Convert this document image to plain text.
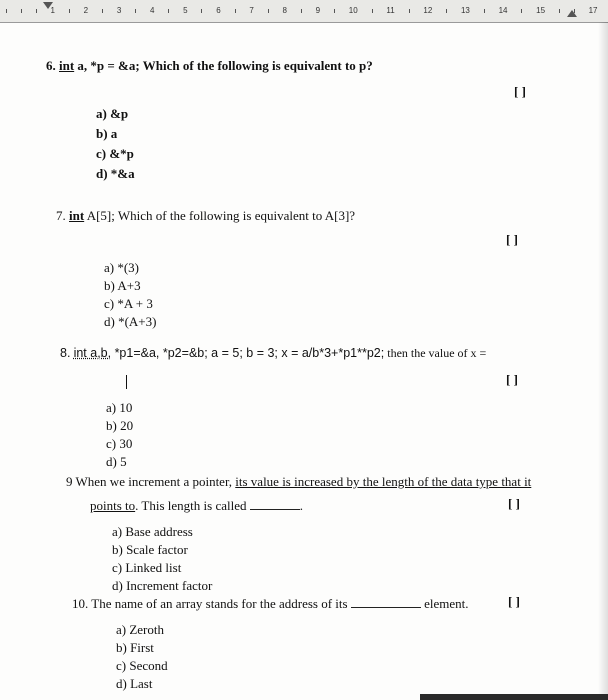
1	2	3	4	5	6	7	8	9	10	11	12	13	14	15	17
6. int a, *p = &a; Which of the following is equivalent to p?
[ ]
a) &p
b) a
c) &*p
d) *&a
7. int A[5]; Which of the following is equivalent to A[3]?
[ ]
a) *(3)
b) A+3
c) *A + 3
d) *(A+3)
8. int a,b, *p1=&a, *p2=&b; a = 5; b = 3; x = a/b*3+*p1**p2; then the value of x =
[ ]
a) 10
b) 20
c) 30
d) 5
9 When we increment a pointer, its value is increased by the length of the data type that it
points to. This length is called	.	[ ]
a) Base address
b) Scale factor
c) Linked list
d) Increment factor
10. The name of an array stands for the address of its	element.	[ ]
a) Zeroth
b) First
c) Second
d) Last
